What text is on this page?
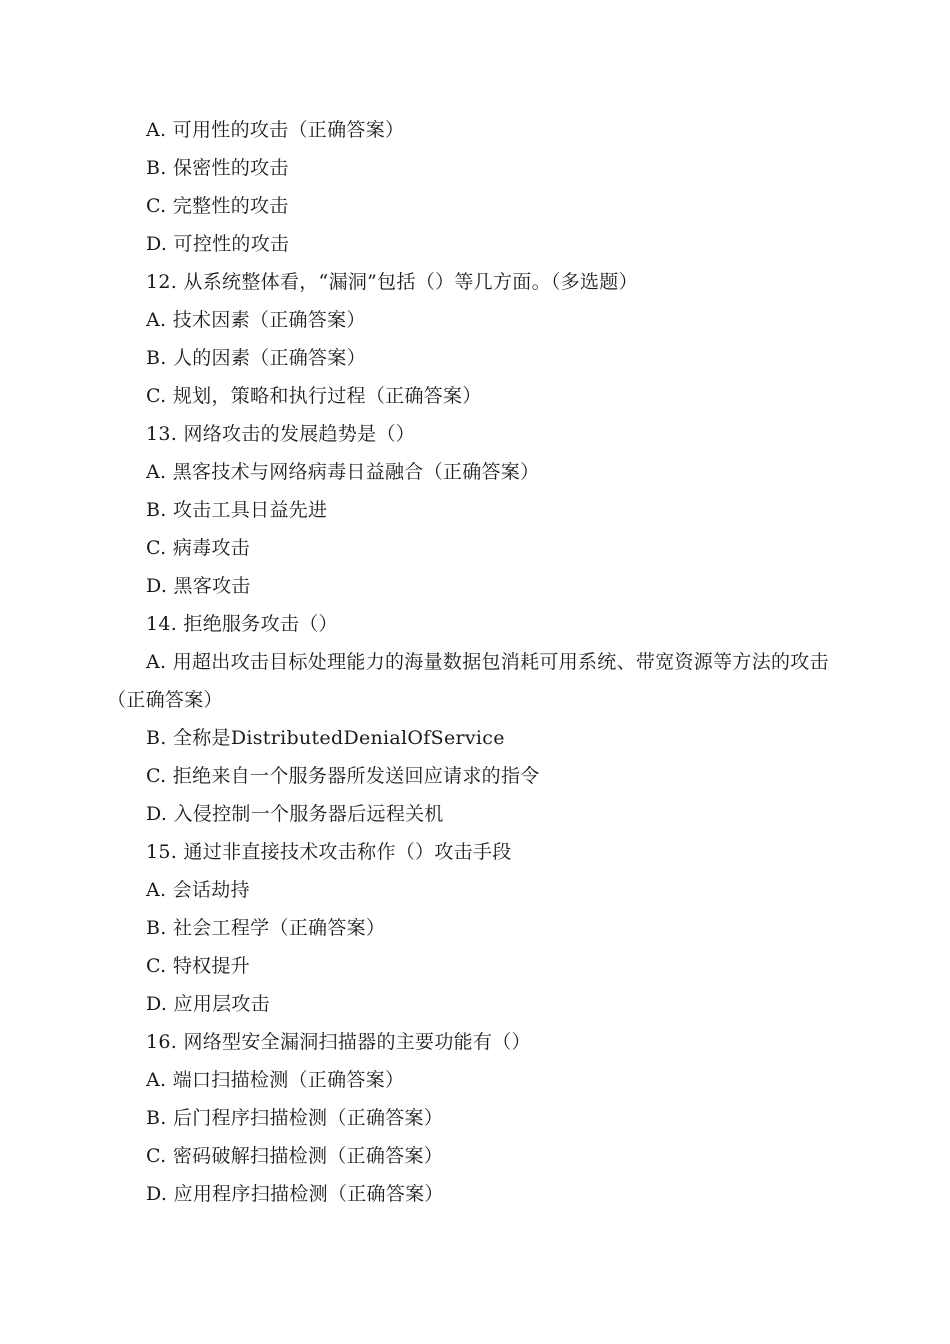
A. 可用性的攻击（正确答案）
B. 保密性的攻击
C. 完整性的攻击
D. 可控性的攻击
12. 从系统整体看，“漏洞”包括（）等几方面。（多选题）
A. 技术因素（正确答案）
B. 人的因素（正确答案）
C. 规划，策略和执行过程（正确答案）
13. 网络攻击的发展趋势是（）
A. 黑客技术与网络病毒日益融合（正确答案）
B. 攻击工具日益先进
C. 病毒攻击
D. 黑客攻击
14. 拒绝服务攻击（）
A. 用超出攻击目标处理能力的海量数据包消耗可用系统、带宽资源等方法的攻击（正确答案）
B. 全称是DistributedDenialOfService
C. 拒绝来自一个服务器所发送回应请求的指令
D. 入侵控制一个服务器后远程关机
15. 通过非直接技术攻击称作（）攻击手段
A. 会话劫持
B. 社会工程学（正确答案）
C. 特权提升
D. 应用层攻击
16. 网络型安全漏洞扫描器的主要功能有（）
A. 端口扫描检测（正确答案）
B. 后门程序扫描检测（正确答案）
C. 密码破解扫描检测（正确答案）
D. 应用程序扫描检测（正确答案）
